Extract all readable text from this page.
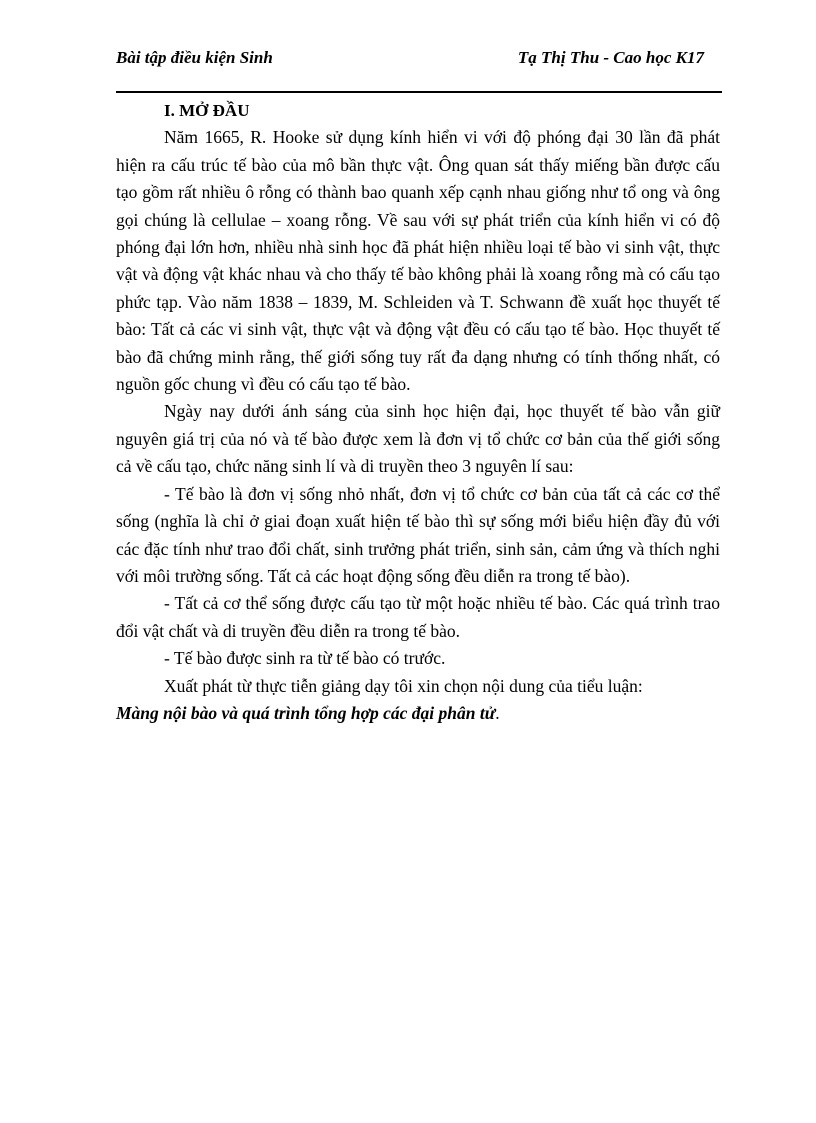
Bài tập điều kiện Sinh	Tạ Thị Thu - Cao học K17

I. MỞ ĐẦU

Năm 1665, R. Hooke sử dụng kính hiển vi với độ phóng đại 30 lần đã phát hiện ra cấu trúc tế bào của mô bần thực vật. Ông quan sát thấy miếng bần được cấu tạo gồm rất nhiều ô rỗng có thành bao quanh xếp cạnh nhau giống như tổ ong và ông gọi chúng là cellulae – xoang rỗng. Về sau với sự phát triển của kính hiển vi có độ phóng đại lớn hơn, nhiều nhà sinh học đã phát hiện nhiều loại tế bào vi sinh vật, thực vật và động vật khác nhau và cho thấy tế bào không phải là xoang rỗng mà có cấu tạo phức tạp. Vào năm 1838 – 1839, M. Schleiden và T. Schwann đề xuất học thuyết tế bào: Tất cả các vi sinh vật, thực vật và động vật đều có cấu tạo tế bào. Học thuyết tế bào đã chứng minh rằng, thế giới sống tuy rất đa dạng nhưng có tính thống nhất, có nguồn gốc chung vì đều có cấu tạo tế bào.

Ngày nay dưới ánh sáng của sinh học hiện đại, học thuyết tế bào vẫn giữ nguyên giá trị của nó và tế bào được xem là đơn vị tổ chức cơ bản của thế giới sống cả về cấu tạo, chức năng sinh lí và di truyền theo 3 nguyên lí sau:

- Tế bào là đơn vị sống nhỏ nhất, đơn vị tổ chức cơ bản của tất cả các cơ thể sống (nghĩa là chỉ ở giai đoạn xuất hiện tế bào thì sự sống mới biểu hiện đầy đủ với các đặc tính như trao đổi chất, sinh trưởng phát triển, sinh sản, cảm ứng và thích nghi với môi trường sống. Tất cả các hoạt động sống đều diễn ra trong tế bào).

- Tất cả cơ thể sống được cấu tạo từ một hoặc nhiều tế bào. Các quá trình trao đổi vật chất và di truyền đều diễn ra trong tế bào.

- Tế bào được sinh ra từ tế bào có trước.

Xuất phát từ thực tiễn giảng dạy tôi xin chọn nội dung của tiểu luận:

Màng nội bào và quá trình tổng hợp các đại phân tử.
